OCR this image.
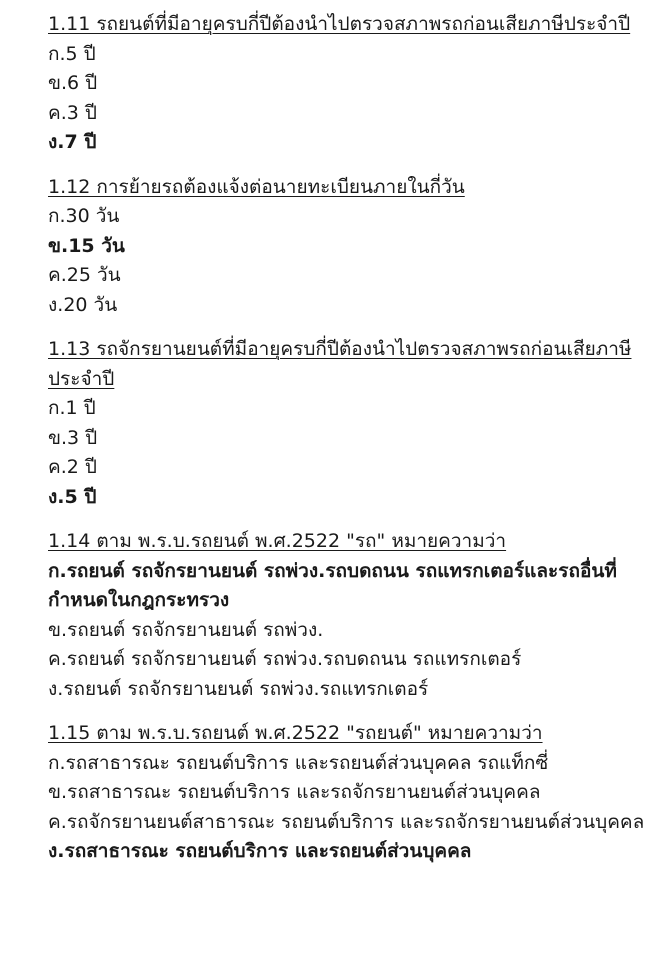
1.11 รถยนต์ที่มีอายุครบกี่ปีต้องนำไปตรวจสภาพรถก่อนเสียภาษีประจำปี

ก.5 ปี

ข.6 ปี

ค.3 ปี

ง.7 ปี

1.12 การย้ายรถต้องแจ้งต่อนายทะเบียนภายในกี่วัน

ก.30 วัน

ข.15 วัน

ค.25 วัน

ง.20 วัน

1.13 รถจักรยานยนต์ที่มีอายุครบกี่ปีต้องนำไปตรวจสภาพรถก่อนเสียภาษีประจำปี

ก.1 ปี

ข.3 ปี

ค.2 ปี

ง.5 ปี

1.14 ตาม พ.ร.บ.รถยนต์ พ.ศ.2522 "รถ" หมายความว่า

ก.รถยนต์ รถจักรยานยนต์ รถพ่วง.รถบดถนน รถแทรกเตอร์และรถอื่นที่กำหนดในกฎกระทรวง

ข.รถยนต์ รถจักรยานยนต์ รถพ่วง.

ค.รถยนต์ รถจักรยานยนต์ รถพ่วง.รถบดถนน รถแทรกเตอร์

ง.รถยนต์ รถจักรยานยนต์ รถพ่วง.รถแทรกเตอร์

1.15 ตาม พ.ร.บ.รถยนต์ พ.ศ.2522 "รถยนต์" หมายความว่า

ก.รถสาธารณะ รถยนต์บริการ และรถยนต์ส่วนบุคคล รถแท็กซี่

ข.รถสาธารณะ รถยนต์บริการ และรถจักรยานยนต์ส่วนบุคคล

ค.รถจักรยานยนต์สาธารณะ รถยนต์บริการ และรถจักรยานยนต์ส่วนบุคคล

ง.รถสาธารณะ รถยนต์บริการ และรถยนต์ส่วนบุคคล
